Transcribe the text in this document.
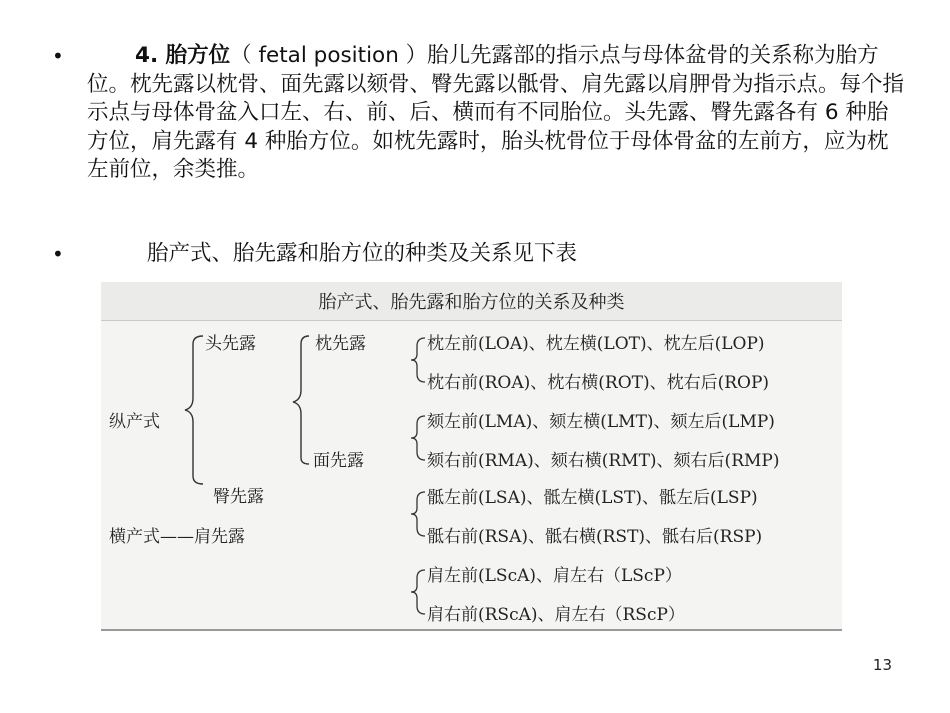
•	4. 胎方位（ fetal position ）胎儿先露部的指示点与母体盆骨的关系称为胎方位。枕先露以枕骨、面先露以颏骨、臀先露以骶骨、肩先露以肩胛骨为指示点。每个指示点与母体骨盆入口左、右、前、后、横而有不同胎位。头先露、臀先露各有 6 种胎方位，肩先露有 4 种胎方位。如枕先露时，胎头枕骨位于母体骨盆的左前方，应为枕左前位，余类推。
•	胎产式、胎先露和胎方位的种类及关系见下表
胎产式、胎先露和胎方位的关系及种类
纵产式
横产式——肩先露
头先露
臀先露
枕先露
面先露
枕左前(LOA)、枕左横(LOT)、枕左后(LOP)
枕右前(ROA)、枕右横(ROT)、枕右后(ROP)
颏左前(LMA)、颏左横(LMT)、颏左后(LMP)
颏右前(RMA)、颏右横(RMT)、颏右后(RMP)
骶左前(LSA)、骶左横(LST)、骶左后(LSP)
骶右前(RSA)、骶右横(RST)、骶右后(RSP)
肩左前(LScA)、肩左右（LScP）
肩右前(RScA)、肩左右（RScP）
13
